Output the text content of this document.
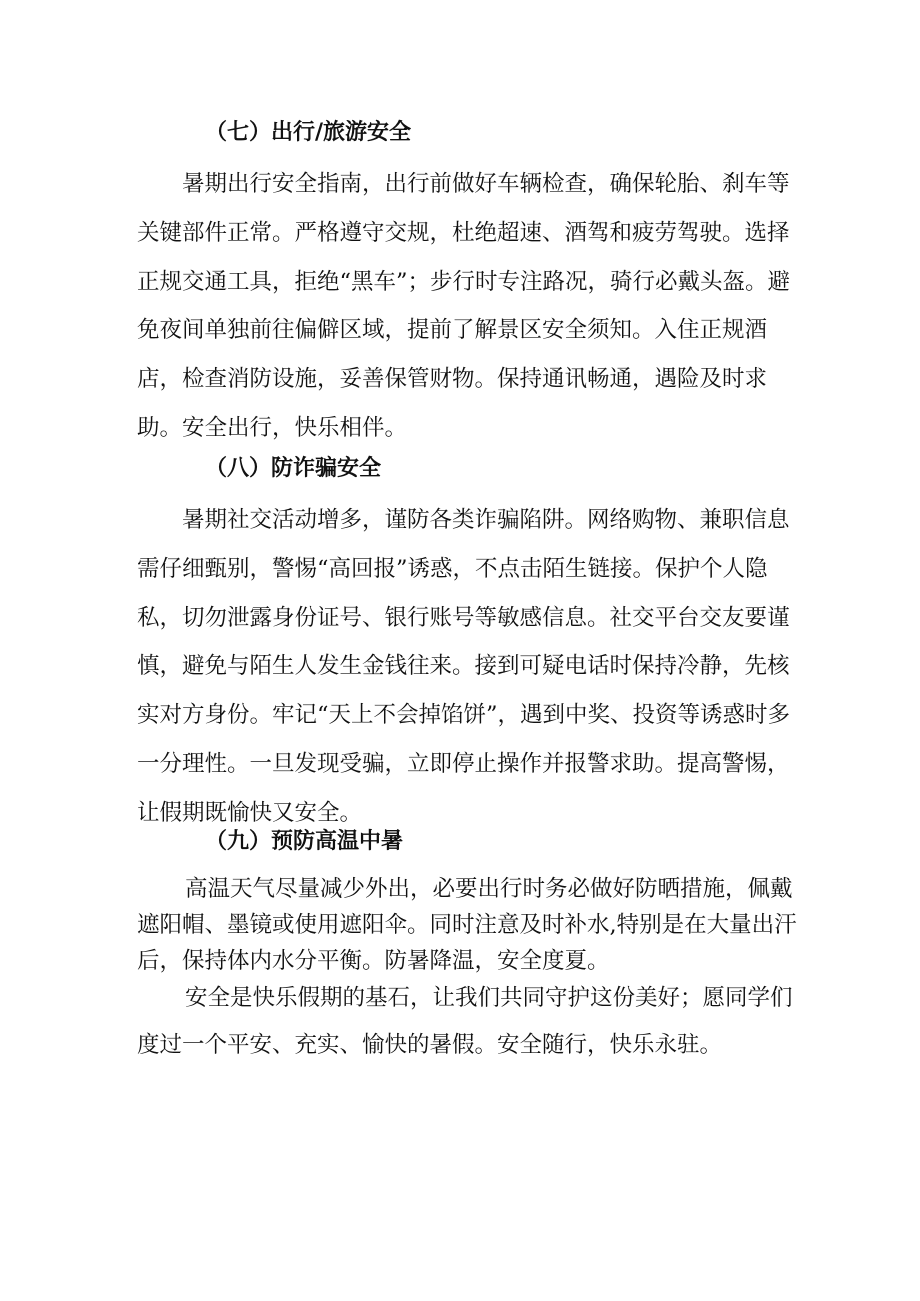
（七）出行/旅游安全
暑期出行安全指南，出行前做好车辆检查，确保轮胎、刹车等关键部件正常。严格遵守交规，杜绝超速、酒驾和疲劳驾驶。选择正规交通工具，拒绝“黑车”；步行时专注路况，骑行必戴头盔。避免夜间单独前往偏僻区域，提前了解景区安全须知。入住正规酒店，检查消防设施，妥善保管财物。保持通讯畅通，遇险及时求助。安全出行，快乐相伴。
（八）防诈骗安全
暑期社交活动增多，谨防各类诈骗陷阱。网络购物、兼职信息需仔细甄别，警惕“高回报”诱惑，不点击陌生链接。保护个人隐私，切勿泄露身份证号、银行账号等敏感信息。社交平台交友要谨慎，避免与陌生人发生金钱往来。接到可疑电话时保持冷静，先核实对方身份。牢记“天上不会掉馅饼”，遇到中奖、投资等诱惑时多一分理性。一旦发现受骗，立即停止操作并报警求助。提高警惕，让假期既愉快又安全。
（九）预防高温中暑
高温天气尽量减少外出，必要出行时务必做好防晒措施，佩戴遮阳帽、墨镜或使用遮阳伞。同时注意及时补水,特别是在大量出汗后，保持体内水分平衡。防暑降温，安全度夏。
安全是快乐假期的基石，让我们共同守护这份美好；愿同学们度过一个平安、充实、愉快的暑假。安全随行，快乐永驻。
